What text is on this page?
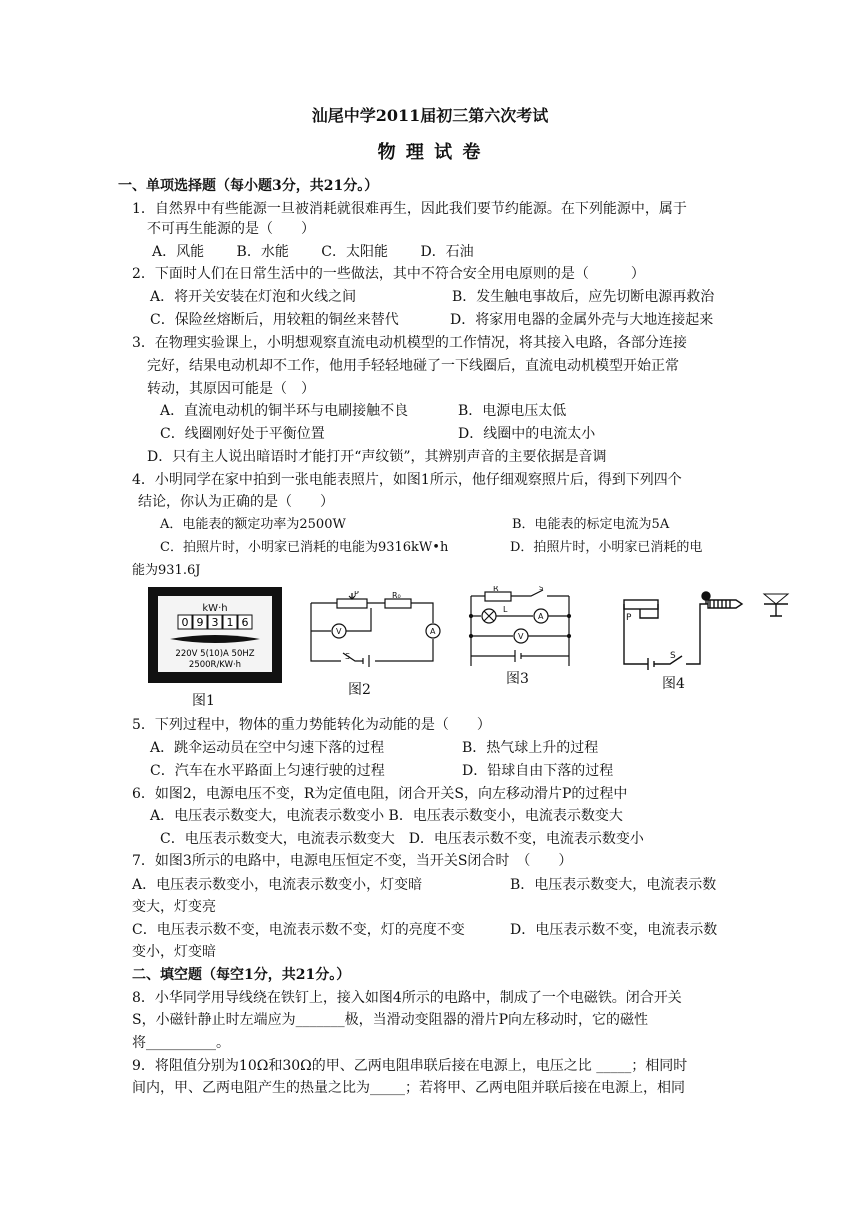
汕尾中学2011届初三第六次考试
物 理 试 卷
一、单项选择题（每小题3分，共21分。）
1．自然界中有些能源一旦被消耗就很难再生，因此我们要节约能源。在下列能源中，属于
不可再生能源的是（　　）
A．风能　　 B．水能　　 C．太阳能　　 D．石油
2．下面时人们在日常生活中的一些做法，其中不符合安全用电原则的是（　　　）
A．将开关安装在灯泡和火线之间	B．发生触电事故后，应先切断电源再救治
C．保险丝熔断后，用较粗的铜丝来替代	D．将家用电器的金属外壳与大地连接起来
3．在物理实验课上，小明想观察直流电动机模型的工作情况，将其接入电路，各部分连接
完好，结果电动机却不工作，他用手轻轻地碰了一下线圈后，直流电动机模型开始正常
转动，其原因可能是（　）
A．直流电动机的铜半环与电刷接触不良	B．电源电压太低
C．线圈刚好处于平衡位置	D．线圈中的电流太小
D．只有主人说出暗语时才能打开“声纹锁”，其辨别声音的主要依据是音调
4．小明同学在家中拍到一张电能表照片，如图1所示，他仔细观察照片后，得到下列四个
结论，你认为正确的是（　　）
A．电能表的额定功率为2500W	B．电能表的标定电流为5A
C．拍照片时，小明家已消耗的电能为9316kW•h	D．拍照片时，小明家已消耗的电
能为931.6J
kW·h
0 9 3 1 6
220V 5(10)A 50HZ
2500R/KW·h
图1
P	R₀
V	A
S
图2
R
L
A
V
S
图3
P
S
图4
5．下列过程中，物体的重力势能转化为动能的是（　　）
A．跳伞运动员在空中匀速下落的过程	B．热气球上升的过程
C．汽车在水平路面上匀速行驶的过程	D．铅球自由下落的过程
6．如图2，电源电压不变，R为定值电阻，闭合开关S，向左移动滑片P的过程中
A．电压表示数变大，电流表示数变小 B．电压表示数变小，电流表示数变大
C．电压表示数变大，电流表示数变大　D．电压表示数不变，电流表示数变小
7．如图3所示的电路中，电源电压恒定不变，当开关S闭合时　（　　）
A．电压表示数变小，电流表示数变小，灯变暗	B．电压表示数变大，电流表示数
变大，灯变亮
C．电压表示数不变，电流表示数不变，灯的亮度不变	D．电压表示数不变，电流表示数
变小，灯变暗
二、填空题（每空1分，共21分。）
8．小华同学用导线绕在铁钉上，接入如图4所示的电路中，制成了一个电磁铁。闭合开关
S，小磁针静止时左端应为_______极，当滑动变阻器的滑片P向左移动时，它的磁性
将__________。
9．将阻值分别为10Ω和30Ω的甲、乙两电阻串联后接在电源上，电压之比 _____；相同时
间内，甲、乙两电阻产生的热量之比为_____；若将甲、乙两电阻并联后接在电源上，相同
